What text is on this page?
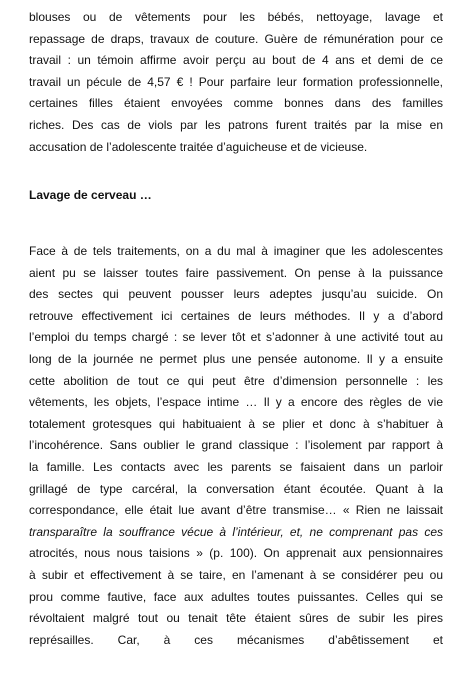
blouses ou de vêtements pour les bébés, nettoyage, lavage et
repassage de draps, travaux de couture. Guère de rémunération pour ce
travail : un témoin affirme avoir perçu au bout de 4 ans et demi de ce
travail un pécule de 4,57 € ! Pour parfaire leur formation professionnelle,
certaines filles étaient envoyées comme bonnes dans des familles
riches. Des cas de viols par les patrons furent traités par la mise en
accusation de l’adolescente traitée d’aguicheuse et de vicieuse.
Lavage de cerveau …
Face à de tels traitements, on a du mal à imaginer que les adolescentes
aient pu se laisser toutes faire passivement. On pense à la puissance
des sectes qui peuvent pousser leurs adeptes jusqu’au suicide. On
retrouve effectivement ici certaines de leurs méthodes. Il y a d’abord
l’emploi du temps chargé : se lever tôt et s’adonner à une activité tout au
long de la journée ne permet plus une pensée autonome. Il y a ensuite
cette abolition de tout ce qui peut être d’dimension personnelle : les
vêtements, les objets, l’espace intime … Il y a encore des règles de vie
totalement grotesques qui habituaient à se plier et donc à s’habituer à
l’incohérence. Sans oublier le grand classique : l’isolement par rapport à
la famille. Les contacts avec les parents se faisaient dans un parloir
grillagé de type carcéral, la conversation étant écoutée. Quant à la
correspondance, elle était lue avant d’être transmise… « Rien ne laissait
transparaître la souffrance vécue à l’intérieur, et, ne comprenant pas ces
atrocités, nous nous taisions » (p. 100). On apprenait aux pensionnaires
à subir et effectivement à se taire, en l’amenant à se considérer peu ou
prou comme fautive, face aux adultes toutes puissantes. Celles qui se
révoltaient malgré tout ou tenait tête étaient sûres de subir les pires
représailles. Car, à ces mécanismes d’abêtissement et
